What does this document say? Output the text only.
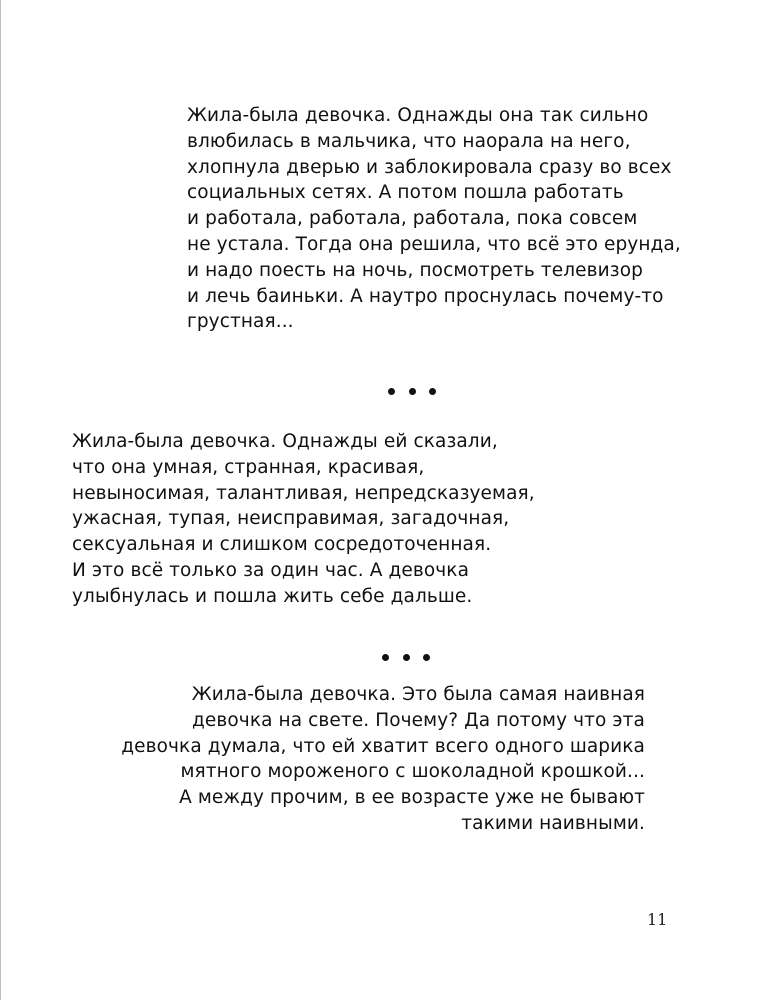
Жила-была девочка. Однажды она так сильно
влюбилась в мальчика, что наорала на него,
хлопнула дверью и заблокировала сразу во всех
социальных сетях. А потом пошла работать
и работала, работала, работала, пока совсем
не устала. Тогда она решила, что всё это ерунда,
и надо поесть на ночь, посмотреть телевизор
и лечь баиньки. А наутро проснулась почему-то
грустная...

Жила-была девочка. Однажды ей сказали,
что она умная, странная, красивая,
невыносимая, талантливая, непредсказуемая,
ужасная, тупая, неисправимая, загадочная,
сексуальная и слишком сосредоточенная.
И это всё только за один час. А девочка
улыбнулась и пошла жить себе дальше.

Жила-была девочка. Это была самая наивная
девочка на свете. Почему? Да потому что эта
девочка думала, что ей хватит всего одного шарика
мятного мороженого с шоколадной крошкой...
А между прочим, в ее возрасте уже не бывают
такими наивными.

11
